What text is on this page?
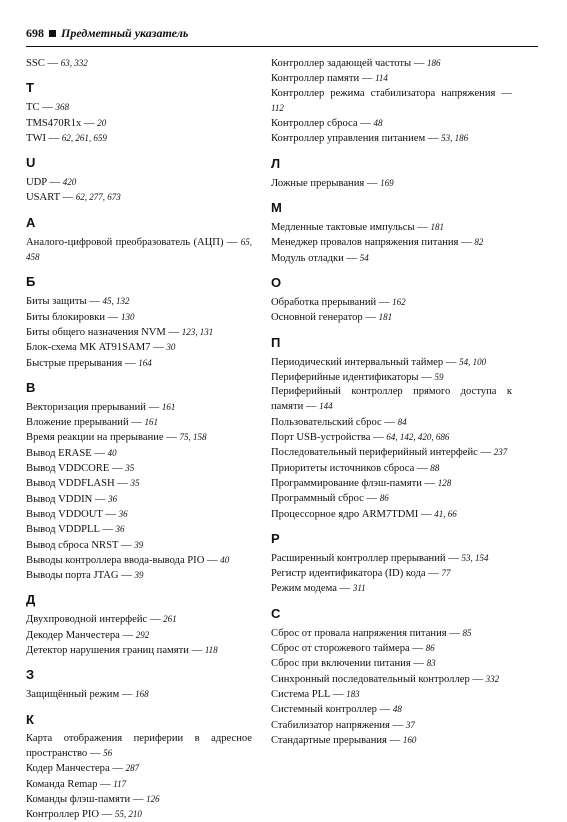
698 Предметный указатель
SSC — 63, 332
T
TC — 368
TMS470R1x — 20
TWI — 62, 261, 659
U
UDP — 420
USART — 62, 277, 673
А
Аналого-цифровой преобразователь (АЦП) — 65, 458
Б
Биты защиты — 45, 132
Биты блокировки — 130
Биты общего назначения NVM — 123, 131
Блок-схема МК AT91SAM7 — 30
Быстрые прерывания — 164
В
Векторизация прерываний — 161
Вложение прерываний — 161
Время реакции на прерывание — 75, 158
Вывод ERASE — 40
Вывод VDDCORE — 35
Вывод VDDFLASH — 35
Вывод VDDIN — 36
Вывод VDDOUT — 36
Вывод VDDPLL — 36
Вывод сброса NRST — 39
Выводы контроллера ввода-вывода PIO — 40
Выводы порта JTAG — 39
Д
Двухпроводной интерфейс — 261
Декодер Манчестера — 292
Детектор нарушения границ памяти — 118
З
Защищённый режим — 168
К
Карта отображения периферии в адресное пространство — 56
Кодер Манчестера — 287
Команда Remap — 117
Команды флэш-памяти — 126
Контроллер PIO — 55, 210
Контроллер задающей частоты — 186
Контроллер памяти — 114
Контроллер режима стабилизатора напряжения — 112
Контроллер сброса — 48
Контроллер управления питанием — 53, 186
Л
Ложные прерывания — 169
М
Медленные тактовые импульсы — 181
Менеджер провалов напряжения питания — 82
Модуль отладки — 54
О
Обработка прерываний — 162
Основной генератор — 181
П
Периодический интервальный таймер — 54, 100
Периферийные идентификаторы — 59
Периферийный контроллер прямого доступа к памяти — 144
Пользовательский сброс — 84
Порт USB-устройства — 64, 142, 420, 686
Последовательный периферийный интерфейс — 237
Приоритеты источников сброса — 88
Программирование флэш-памяти — 128
Программный сброс — 86
Процессорное ядро ARM7TDMI — 41, 66
Р
Расширенный контроллер прерываний — 53, 154
Регистр идентификатора (ID) кода — 77
Режим модема — 311
С
Сброс от провала напряжения питания — 85
Сброс от сторожевого таймера — 86
Сброс при включении питания — 83
Синхронный последовательный контроллер — 332
Система PLL — 183
Системный контроллер — 48
Стабилизатор напряжения — 37
Стандартные прерывания — 160
